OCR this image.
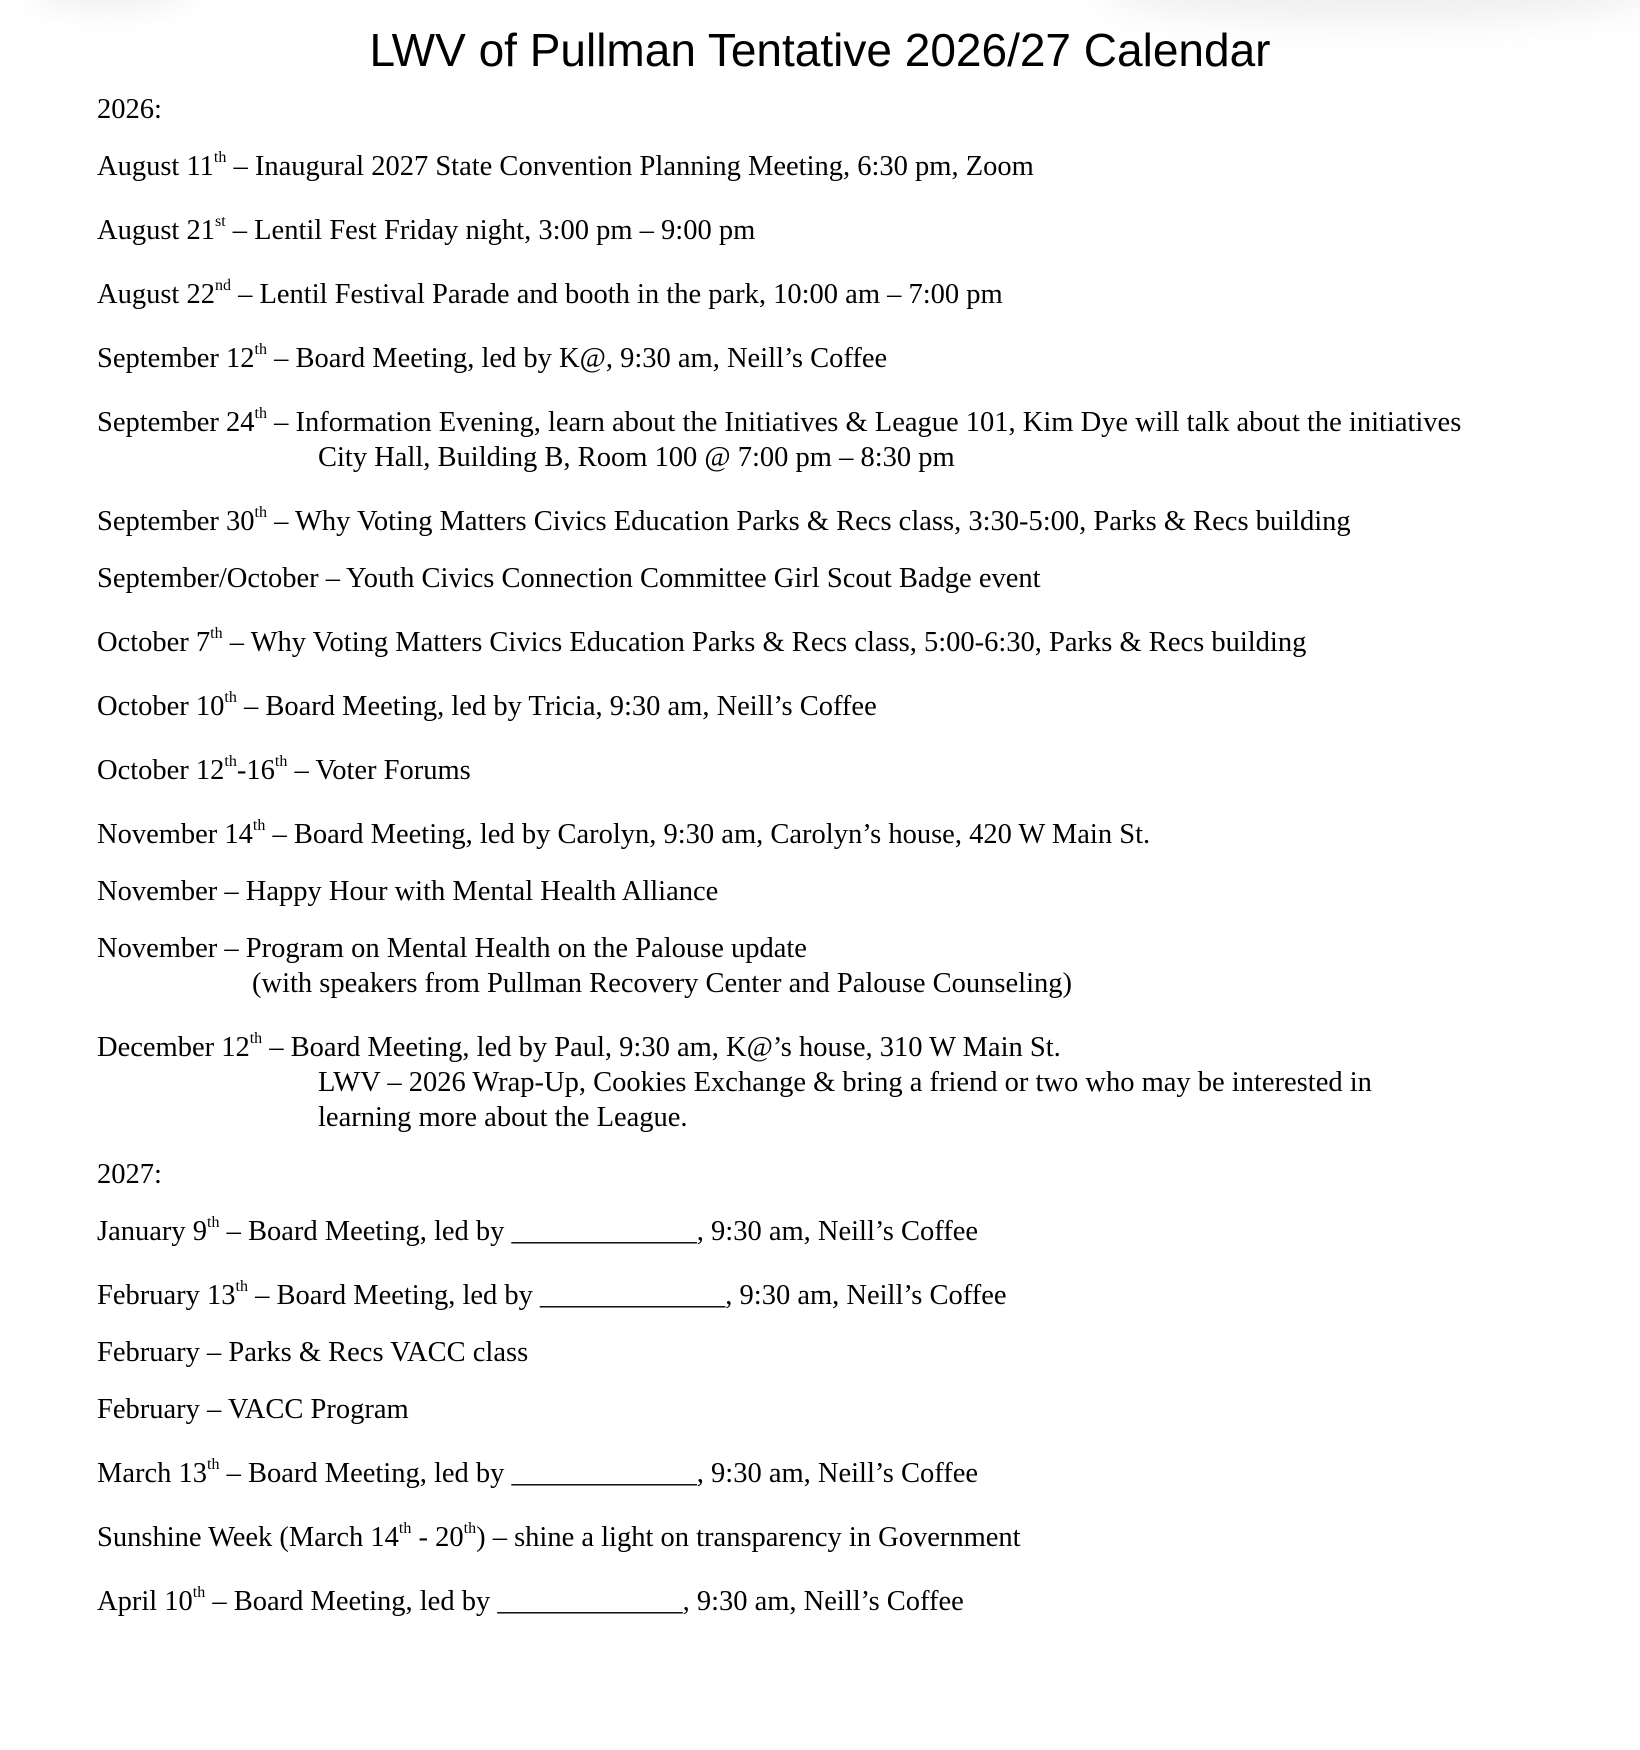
LWV of Pullman Tentative 2026/27 Calendar

2026:

August 11th – Inaugural 2027 State Convention Planning Meeting, 6:30 pm, Zoom
August 21st – Lentil Fest Friday night, 3:00 pm – 9:00 pm
August 22nd – Lentil Festival Parade and booth in the park, 10:00 am – 7:00 pm
September 12th – Board Meeting, led by K@, 9:30 am, Neill’s Coffee
September 24th – Information Evening, learn about the Initiatives & League 101, Kim Dye will talk about the initiatives
City Hall, Building B, Room 100 @ 7:00 pm – 8:30 pm
September 30th – Why Voting Matters Civics Education Parks & Recs class, 3:30-5:00, Parks & Recs building
September/October – Youth Civics Connection Committee Girl Scout Badge event
October 7th – Why Voting Matters Civics Education Parks & Recs class, 5:00-6:30, Parks & Recs building
October 10th – Board Meeting, led by Tricia, 9:30 am, Neill’s Coffee
October 12th-16th – Voter Forums
November 14th – Board Meeting, led by Carolyn, 9:30 am, Carolyn’s house, 420 W Main St.
November – Happy Hour with Mental Health Alliance
November – Program on Mental Health on the Palouse update
(with speakers from Pullman Recovery Center and Palouse Counseling)
December 12th – Board Meeting, led by Paul, 9:30 am, K@’s house, 310 W Main St.
LWV – 2026 Wrap-Up, Cookies Exchange & bring a friend or two who may be interested in
learning more about the League.

2027:

January 9th – Board Meeting, led by _____________, 9:30 am, Neill’s Coffee
February 13th – Board Meeting, led by _____________, 9:30 am, Neill’s Coffee
February – Parks & Recs VACC class
February – VACC Program
March 13th – Board Meeting, led by _____________, 9:30 am, Neill’s Coffee
Sunshine Week (March 14th - 20th) – shine a light on transparency in Government
April 10th – Board Meeting, led by _____________, 9:30 am, Neill’s Coffee
